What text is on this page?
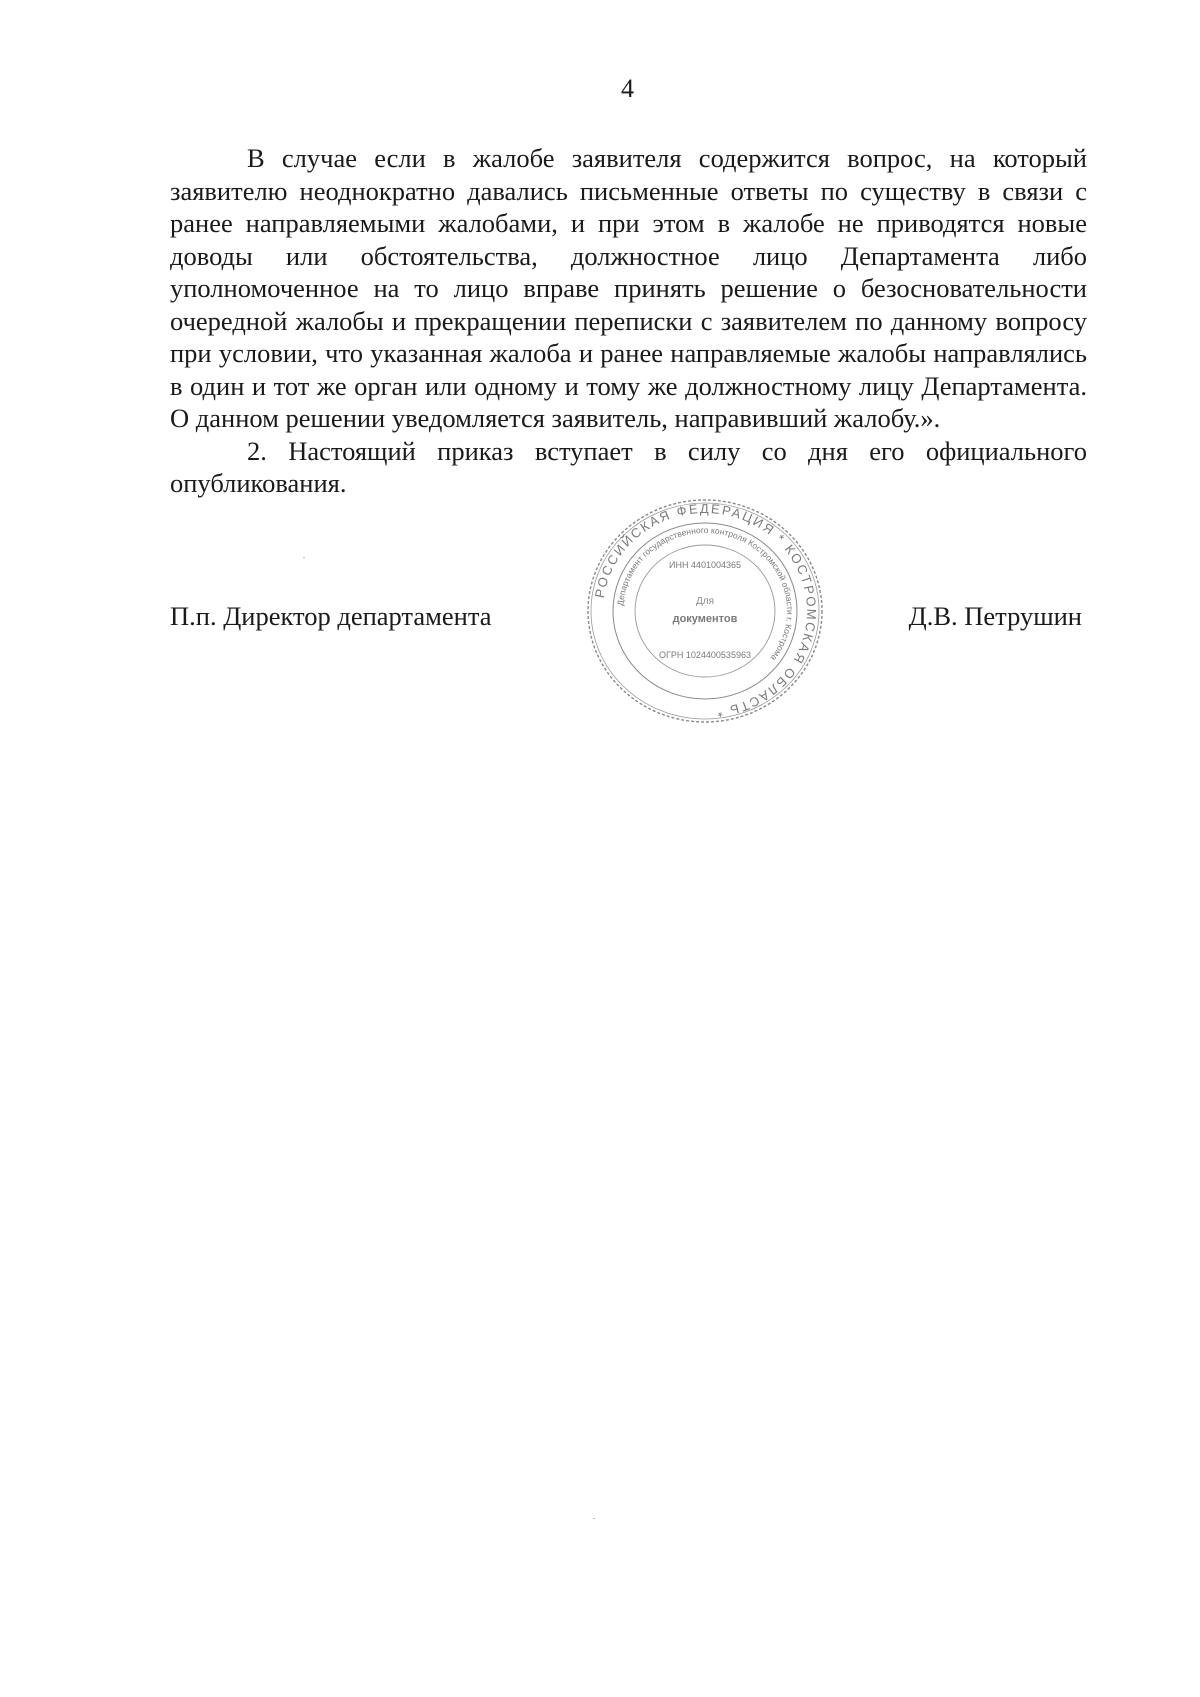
4

В случае если в жалобе заявителя содержится вопрос, на который заявителю неоднократно давались письменные ответы по существу в связи с ранее направляемыми жалобами, и при этом в жалобе не приводятся новые доводы или обстоятельства, должностное лицо Департамента либо уполномоченное на то лицо вправе принять решение о безосновательности очередной жалобы и прекращении переписки с заявителем по данному вопросу при условии, что указанная жалоба и ранее направляемые жалобы направлялись в один и тот же орган или одному и тому же должностному лицу Департамента. О данном решении уведомляется заявитель, направивший жалобу.».

2. Настоящий приказ вступает в силу со дня его официального опубликования.

П.п. Директор департамента	Д.В. Петрушин
РОССИЙСКАЯ ФЕДЕРАЦИЯ * КОСТРОМСКАЯ ОБЛАСТЬ *
Департамент государственного контроля Костромской области г. Кострома
ИНН 4401004365
Для
документов
ОГРН 1024400535963
